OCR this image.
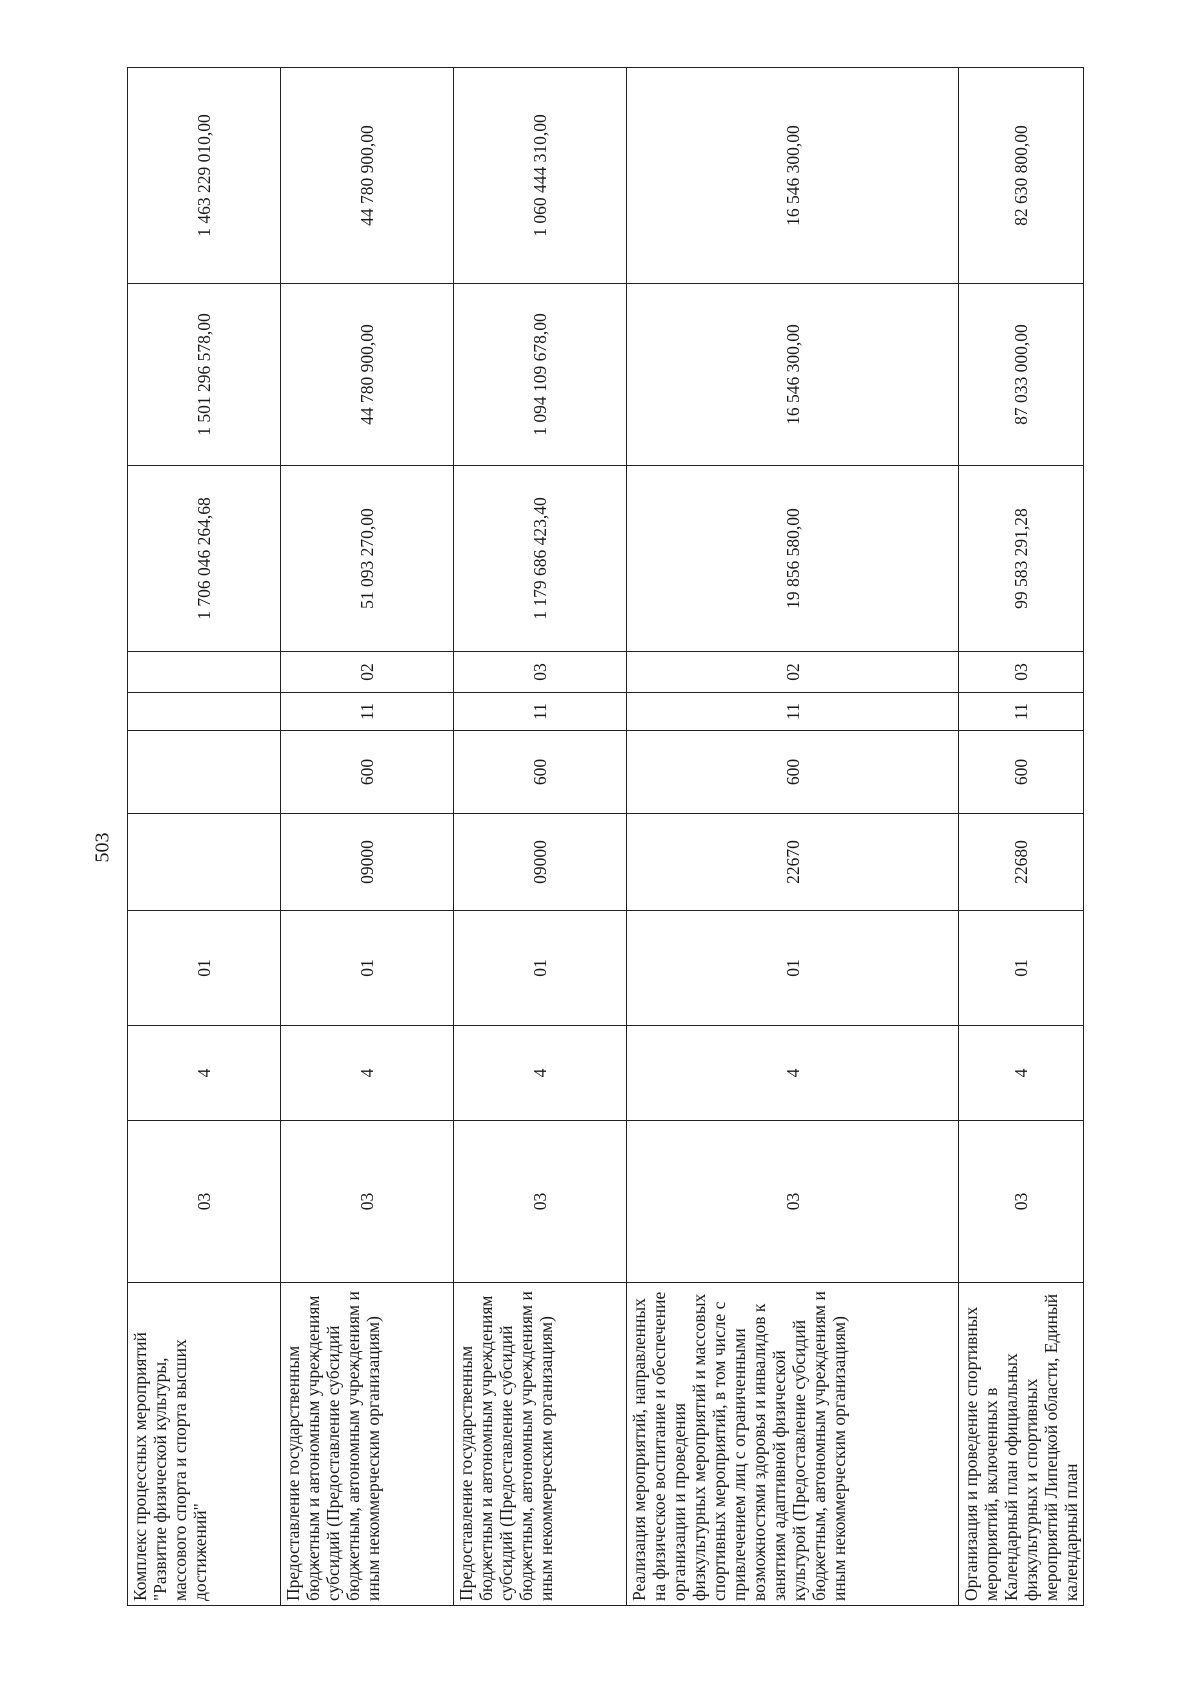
503
Комплекс процессных мероприятий "Развитие физической культуры, массового спорта и спорта высших достижений"	03	4	01					1 706 046 264,68	1 501 296 578,00	1 463 229 010,00
Предоставление государственным бюджетным и автономным учреждениям субсидий (Предоставление субсидий бюджетным, автономным учреждениям и иным некоммерческим организациям)	03	4	01	09000	600	11	02	51 093 270,00	44 780 900,00	44 780 900,00
Предоставление государственным бюджетным и автономным учреждениям субсидий (Предоставление субсидий бюджетным, автономным учреждениям и иным некоммерческим организациям)	03	4	01	09000	600	11	03	1 179 686 423,40	1 094 109 678,00	1 060 444 310,00
Реализация мероприятий, направленных на физическое воспитание и обеспечение организации и проведения физкультурных мероприятий и массовых спортивных мероприятий, в том числе с привлечением лиц с ограниченными возможностями здоровья и инвалидов к занятиям адаптивной физической культурой (Предоставление субсидий бюджетным, автономным учреждениям и иным некоммерческим организациям)	03	4	01	22670	600	11	02	19 856 580,00	16 546 300,00	16 546 300,00
Организация и проведение спортивных мероприятий, включенных в Календарный план официальных физкультурных и спортивных мероприятий Липецкой области, Единый календарный план	03	4	01	22680	600	11	03	99 583 291,28	87 033 000,00	82 630 800,00
